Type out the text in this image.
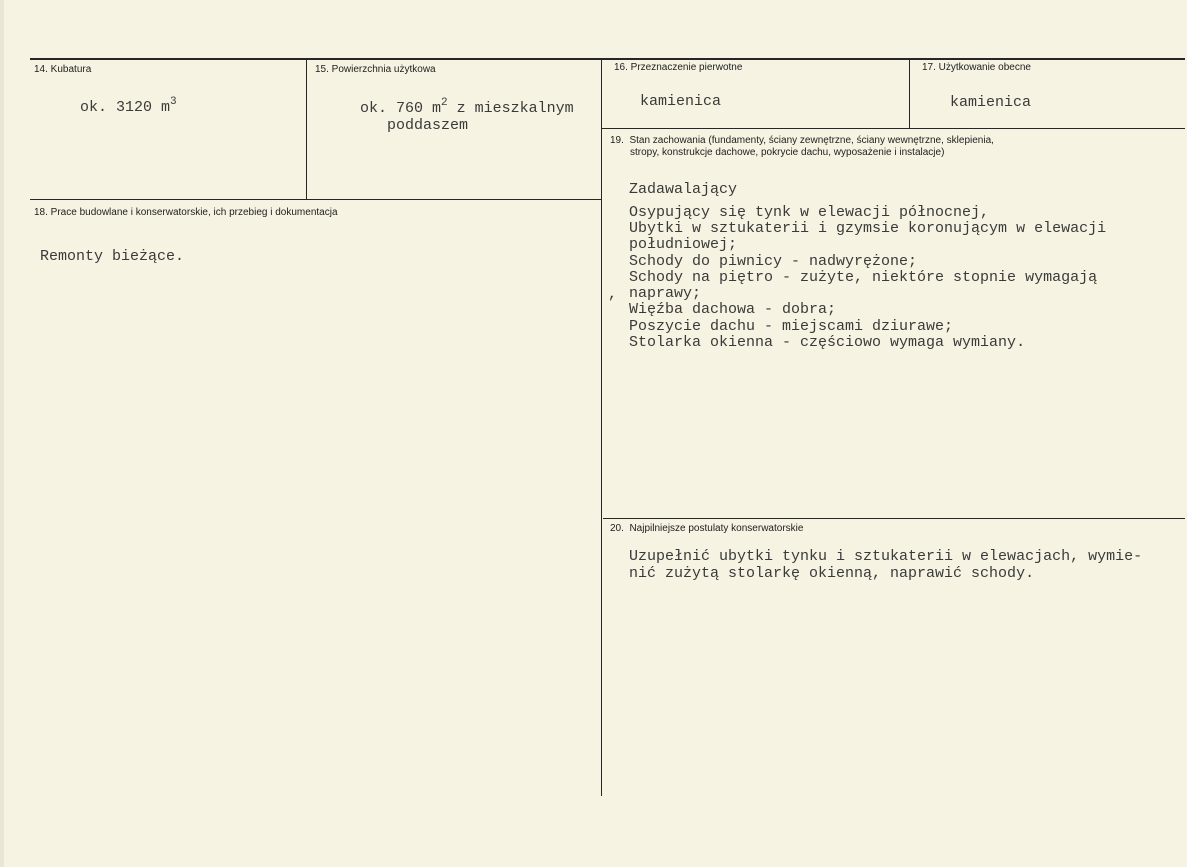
14. Kubatura
ok. 3120 $m^3$
15. Powierzchnia użytkowa
ok. 760 $m^2$ z mieszkalnym
poddaszem
16. Przeznaczenie pierwotne
kamienica
17. Użytkowanie obecne
kamienica
18. Prace budowlane i konserwatorskie, ich przebieg i dokumentacja
Remonty bieżące.
19.  Stan zachowania (fundamenty, ściany zewnętrzne, ściany wewnętrzne, sklepienia,
stropy, konstrukcje dachowe, pokrycie dachu, wyposażenie i instalacje)
Zadawalający
Osypujący się tynk w elewacji północnej,
Ubytki w sztukaterii i gzymsie koronującym w elewacji
południowej;
Schody do piwnicy - nadwyrężone;
Schody na piętro - zużyte, niektóre stopnie wymagają
naprawy;
Więźba dachowa - dobra;
Poszycie dachu - miejscami dziurawe;
Stolarka okienna - częściowo wymaga wymiany.
,
20.  Najpilniejsze postulaty konserwatorskie
Uzupełnić ubytki tynku i sztukaterii w elewacjach, wymie-
nić zużytą stolarkę okienną, naprawić schody.
